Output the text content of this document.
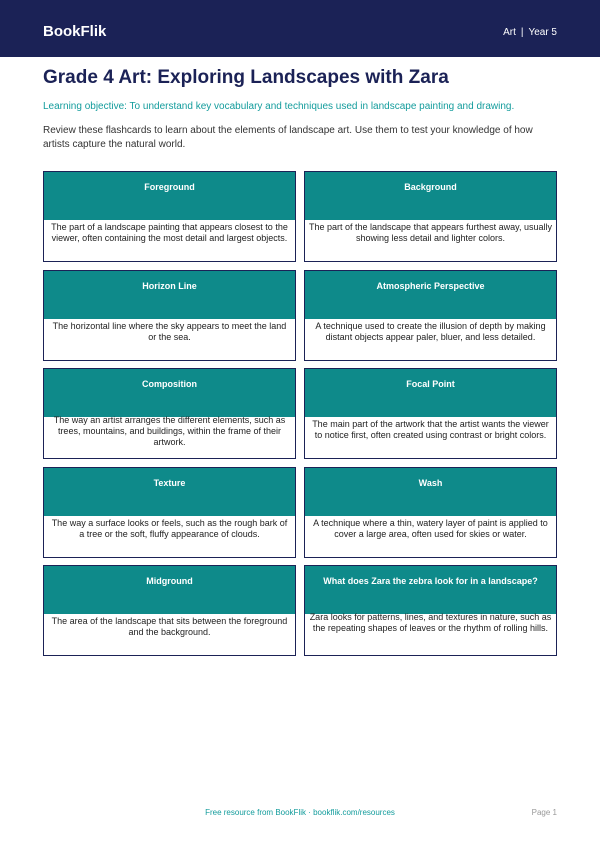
BookFlik	Art | Year 5
Grade 4 Art: Exploring Landscapes with Zara
Learning objective: To understand key vocabulary and techniques used in landscape painting and drawing.
Review these flashcards to learn about the elements of landscape art. Use them to test your knowledge of how artists capture the natural world.
Foreground
The part of a landscape painting that appears closest to the viewer, often containing the most detail and largest objects.
Background
The part of the landscape that appears furthest away, usually showing less detail and lighter colors.
Horizon Line
The horizontal line where the sky appears to meet the land or the sea.
Atmospheric Perspective
A technique used to create the illusion of depth by making distant objects appear paler, bluer, and less detailed.
Composition
The way an artist arranges the different elements, such as trees, mountains, and buildings, within the frame of their artwork.
Focal Point
The main part of the artwork that the artist wants the viewer to notice first, often created using contrast or bright colors.
Texture
The way a surface looks or feels, such as the rough bark of a tree or the soft, fluffy appearance of clouds.
Wash
A technique where a thin, watery layer of paint is applied to cover a large area, often used for skies or water.
Midground
The area of the landscape that sits between the foreground and the background.
What does Zara the zebra look for in a landscape?
Zara looks for patterns, lines, and textures in nature, such as the repeating shapes of leaves or the rhythm of rolling hills.
Free resource from BookFlik · bookflik.com/resources	Page 1
